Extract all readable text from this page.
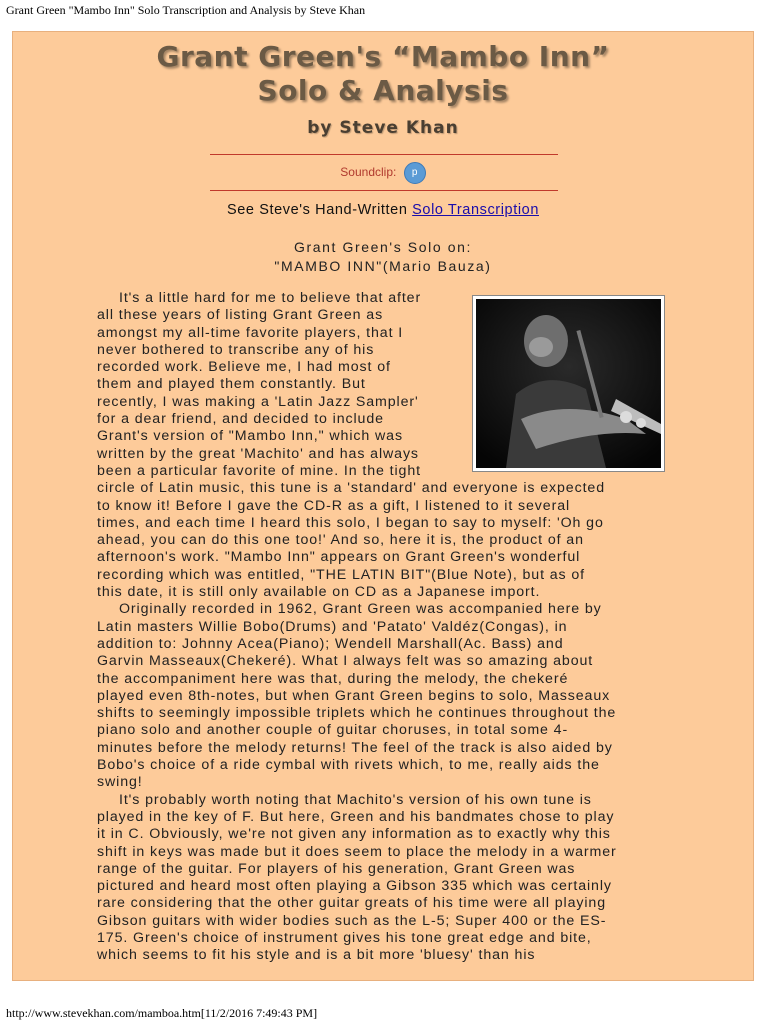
Grant Green "Mambo Inn" Solo Transcription and Analysis by Steve Khan
Grant Green's “Mambo Inn”
Solo & Analysis
by Steve Khan
Soundclip: p
See Steve's Hand-Written Solo Transcription
Grant Green's Solo on:
"MAMBO INN"(Mario Bauza)
It's a little hard for me to believe that after
all these years of listing Grant Green as
amongst my all-time favorite players, that I
never bothered to transcribe any of his
recorded work. Believe me, I had most of
them and played them constantly. But
recently, I was making a 'Latin Jazz Sampler'
for a dear friend, and decided to include
Grant's version of "Mambo Inn," which was
written by the great 'Machito' and has always
been a particular favorite of mine. In the tight
circle of Latin music, this tune is a 'standard' and everyone is expected
to know it! Before I gave the CD-R as a gift, I listened to it several
times, and each time I heard this solo, I began to say to myself: 'Oh go
ahead, you can do this one too!' And so, here it is, the product of an
afternoon's work. "Mambo Inn" appears on Grant Green's wonderful
recording which was entitled, "THE LATIN BIT"(Blue Note), but as of
this date, it is still only available on CD as a Japanese import.
Originally recorded in 1962, Grant Green was accompanied here by
Latin masters Willie Bobo(Drums) and 'Patato' Valdéz(Congas), in
addition to: Johnny Acea(Piano); Wendell Marshall(Ac. Bass) and
Garvin Masseaux(Chekeré). What I always felt was so amazing about
the accompaniment here was that, during the melody, the chekeré
played even 8th-notes, but when Grant Green begins to solo, Masseaux
shifts to seemingly impossible triplets which he continues throughout the
piano solo and another couple of guitar choruses, in total some 4-
minutes before the melody returns! The feel of the track is also aided by
Bobo's choice of a ride cymbal with rivets which, to me, really aids the
swing!
It's probably worth noting that Machito's version of his own tune is
played in the key of F. But here, Green and his bandmates chose to play
it in C. Obviously, we're not given any information as to exactly why this
shift in keys was made but it does seem to place the melody in a warmer
range of the guitar. For players of his generation, Grant Green was
pictured and heard most often playing a Gibson 335 which was certainly
rare considering that the other guitar greats of his time were all playing
Gibson guitars with wider bodies such as the L-5; Super 400 or the ES-
175. Green's choice of instrument gives his tone great edge and bite,
which seems to fit his style and is a bit more 'bluesy' than his
http://www.stevekhan.com/mamboa.htm[11/2/2016 7:49:43 PM]
